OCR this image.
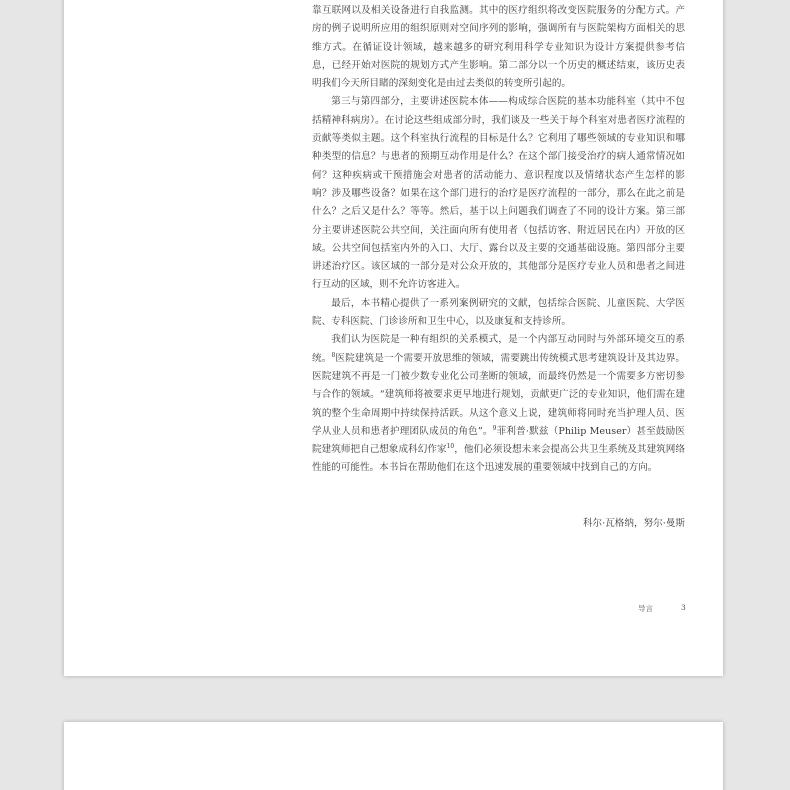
靠互联网以及相关设备进行自我监测。其中的医疗组织将改变医院服务的分配方式。产房的例子说明所应用的组织原则对空间序列的影响，强调所有与医院架构方面相关的思维方式。在循证设计领域，越来越多的研究利用科学专业知识为设计方案提供参考信息，已经开始对医院的规划方式产生影响。第二部分以一个历史的概述结束，该历史表明我们今天所目睹的深刻变化是由过去类似的转变所引起的。

第三与第四部分，主要讲述医院本体——构成综合医院的基本功能科室（其中不包括精神科病房）。在讨论这些组成部分时，我们谈及一些关于每个科室对患者医疗流程的贡献等类似主题。这个科室执行流程的目标是什么？它利用了哪些领域的专业知识和哪种类型的信息？与患者的预期互动作用是什么？在这个部门接受治疗的病人通常情况如何？这种疾病或干预措施会对患者的活动能力、意识程度以及情绪状态产生怎样的影响？涉及哪些设备？如果在这个部门进行的治疗是医疗流程的一部分，那么在此之前是什么？之后又是什么？等等。然后，基于以上问题我们调查了不同的设计方案。第三部分主要讲述医院公共空间，关注面向所有使用者（包括访客、附近居民在内）开放的区域。公共空间包括室内外的入口、大厅、露台以及主要的交通基础设施。第四部分主要讲述治疗区。该区域的一部分是对公众开放的，其他部分是医疗专业人员和患者之间进行互动的区域，则不允许访客进入。

最后，本书精心提供了一系列案例研究的文献，包括综合医院、儿童医院、大学医院、专科医院、门诊诊所和卫生中心，以及康复和支持诊所。

我们认为医院是一种有组织的关系模式，是一个内部互动同时与外部环境交互的系统。$^8$医院建筑是一个需要开放思维的领域，需要跳出传统模式思考建筑设计及其边界。医院建筑不再是一门被少数专业化公司垄断的领域，而最终仍然是一个需要多方密切参与合作的领域。“建筑师将被要求更早地进行规划，贡献更广泛的专业知识，他们需在建筑的整个生命周期中持续保持活跃。从这个意义上说，建筑师将同时充当护理人员、医学从业人员和患者护理团队成员的角色”。$^9$菲利普·默兹（Philip Meuser）甚至鼓励医院建筑师把自己想象成科幻作家$^{10}$，他们必须设想未来会提高公共卫生系统及其建筑网络性能的可能性。本书旨在帮助他们在这个迅速发展的重要领域中找到自己的方向。

科尔·瓦格纳，努尔·曼斯
导言	3
